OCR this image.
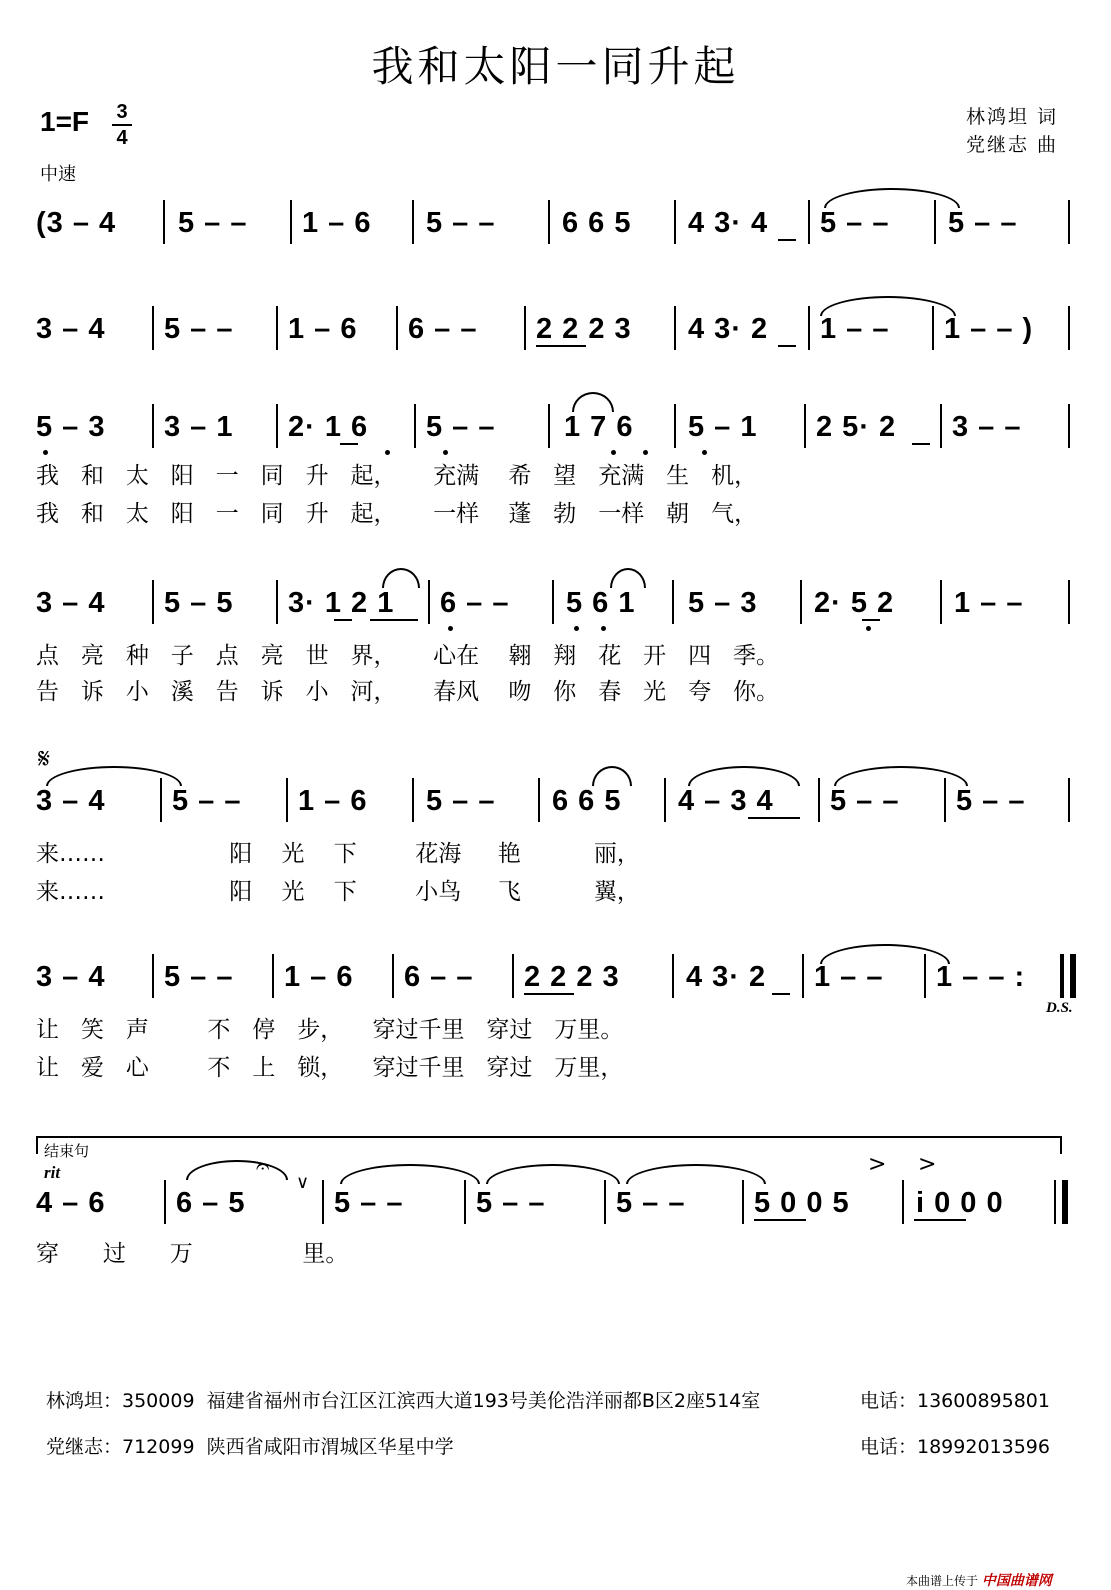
我和太阳一同升起
1=F 3
4
中速
林鸿坦 词
党继志 曲
(3 – 4 5 – – 1 – 6 5 – – 6 6 5 4 3· 4 5 – – 5 – –
3 – 4 5 – – 1 – 6 6 – – 2 2 2 3 4 3· 2 1 – – 1 – – )
5 – 3 3 – 1 2· 1 6 5 – – 1 7 6 5 – 1 2 5· 2 3 – –
我   和   太   阳   一   同   升   起，     充满    希   望   充满   生   机，
我   和   太   阳   一   同   升   起，     一样    蓬   勃   一样   朝   气，
3 – 4 5 – 5 3· 1 2 1 6 – – 5 6 1 5 – 3 2· 5 2 1 – –
点   亮   种   子   点   亮   世   界，     心在    翱   翔   花   开   四   季。
告   诉   小   溪   告   诉   小   河，     春风    吻   你   春   光   夸   你。
𝄋
3 – 4 5 – – 1 – 6 5 – – 6 6 5 4 – 3 4 5 – – 5 – –
来……                 阳    光    下        花海     艳          丽，
来……                 阳    光    下        小鸟     飞          翼，
3 – 4 5 – – 1 – 6 6 – – 2 2 2 3 4 3· 2 1 – – 1 – – :
D.S.
让   笑   声        不   停   步，    穿过千里   穿过   万里。
让   爱   心        不   上   锁，    穿过千里   穿过   万里，
结束句
rit	> >
𝄐
∨
4 – 6 6 – 5	5 – –	5 – – 5 – – 5 0 0 5 i 0 0 0
穿      过      万               里。
林鸿坦：350009  福建省福州市台江区江滨西大道193号美伦浩洋丽都B区2座514室	电话：13600895801
党继志：712099  陕西省咸阳市渭城区华星中学	电话：18992013596
本曲谱上传于 中国曲谱网
